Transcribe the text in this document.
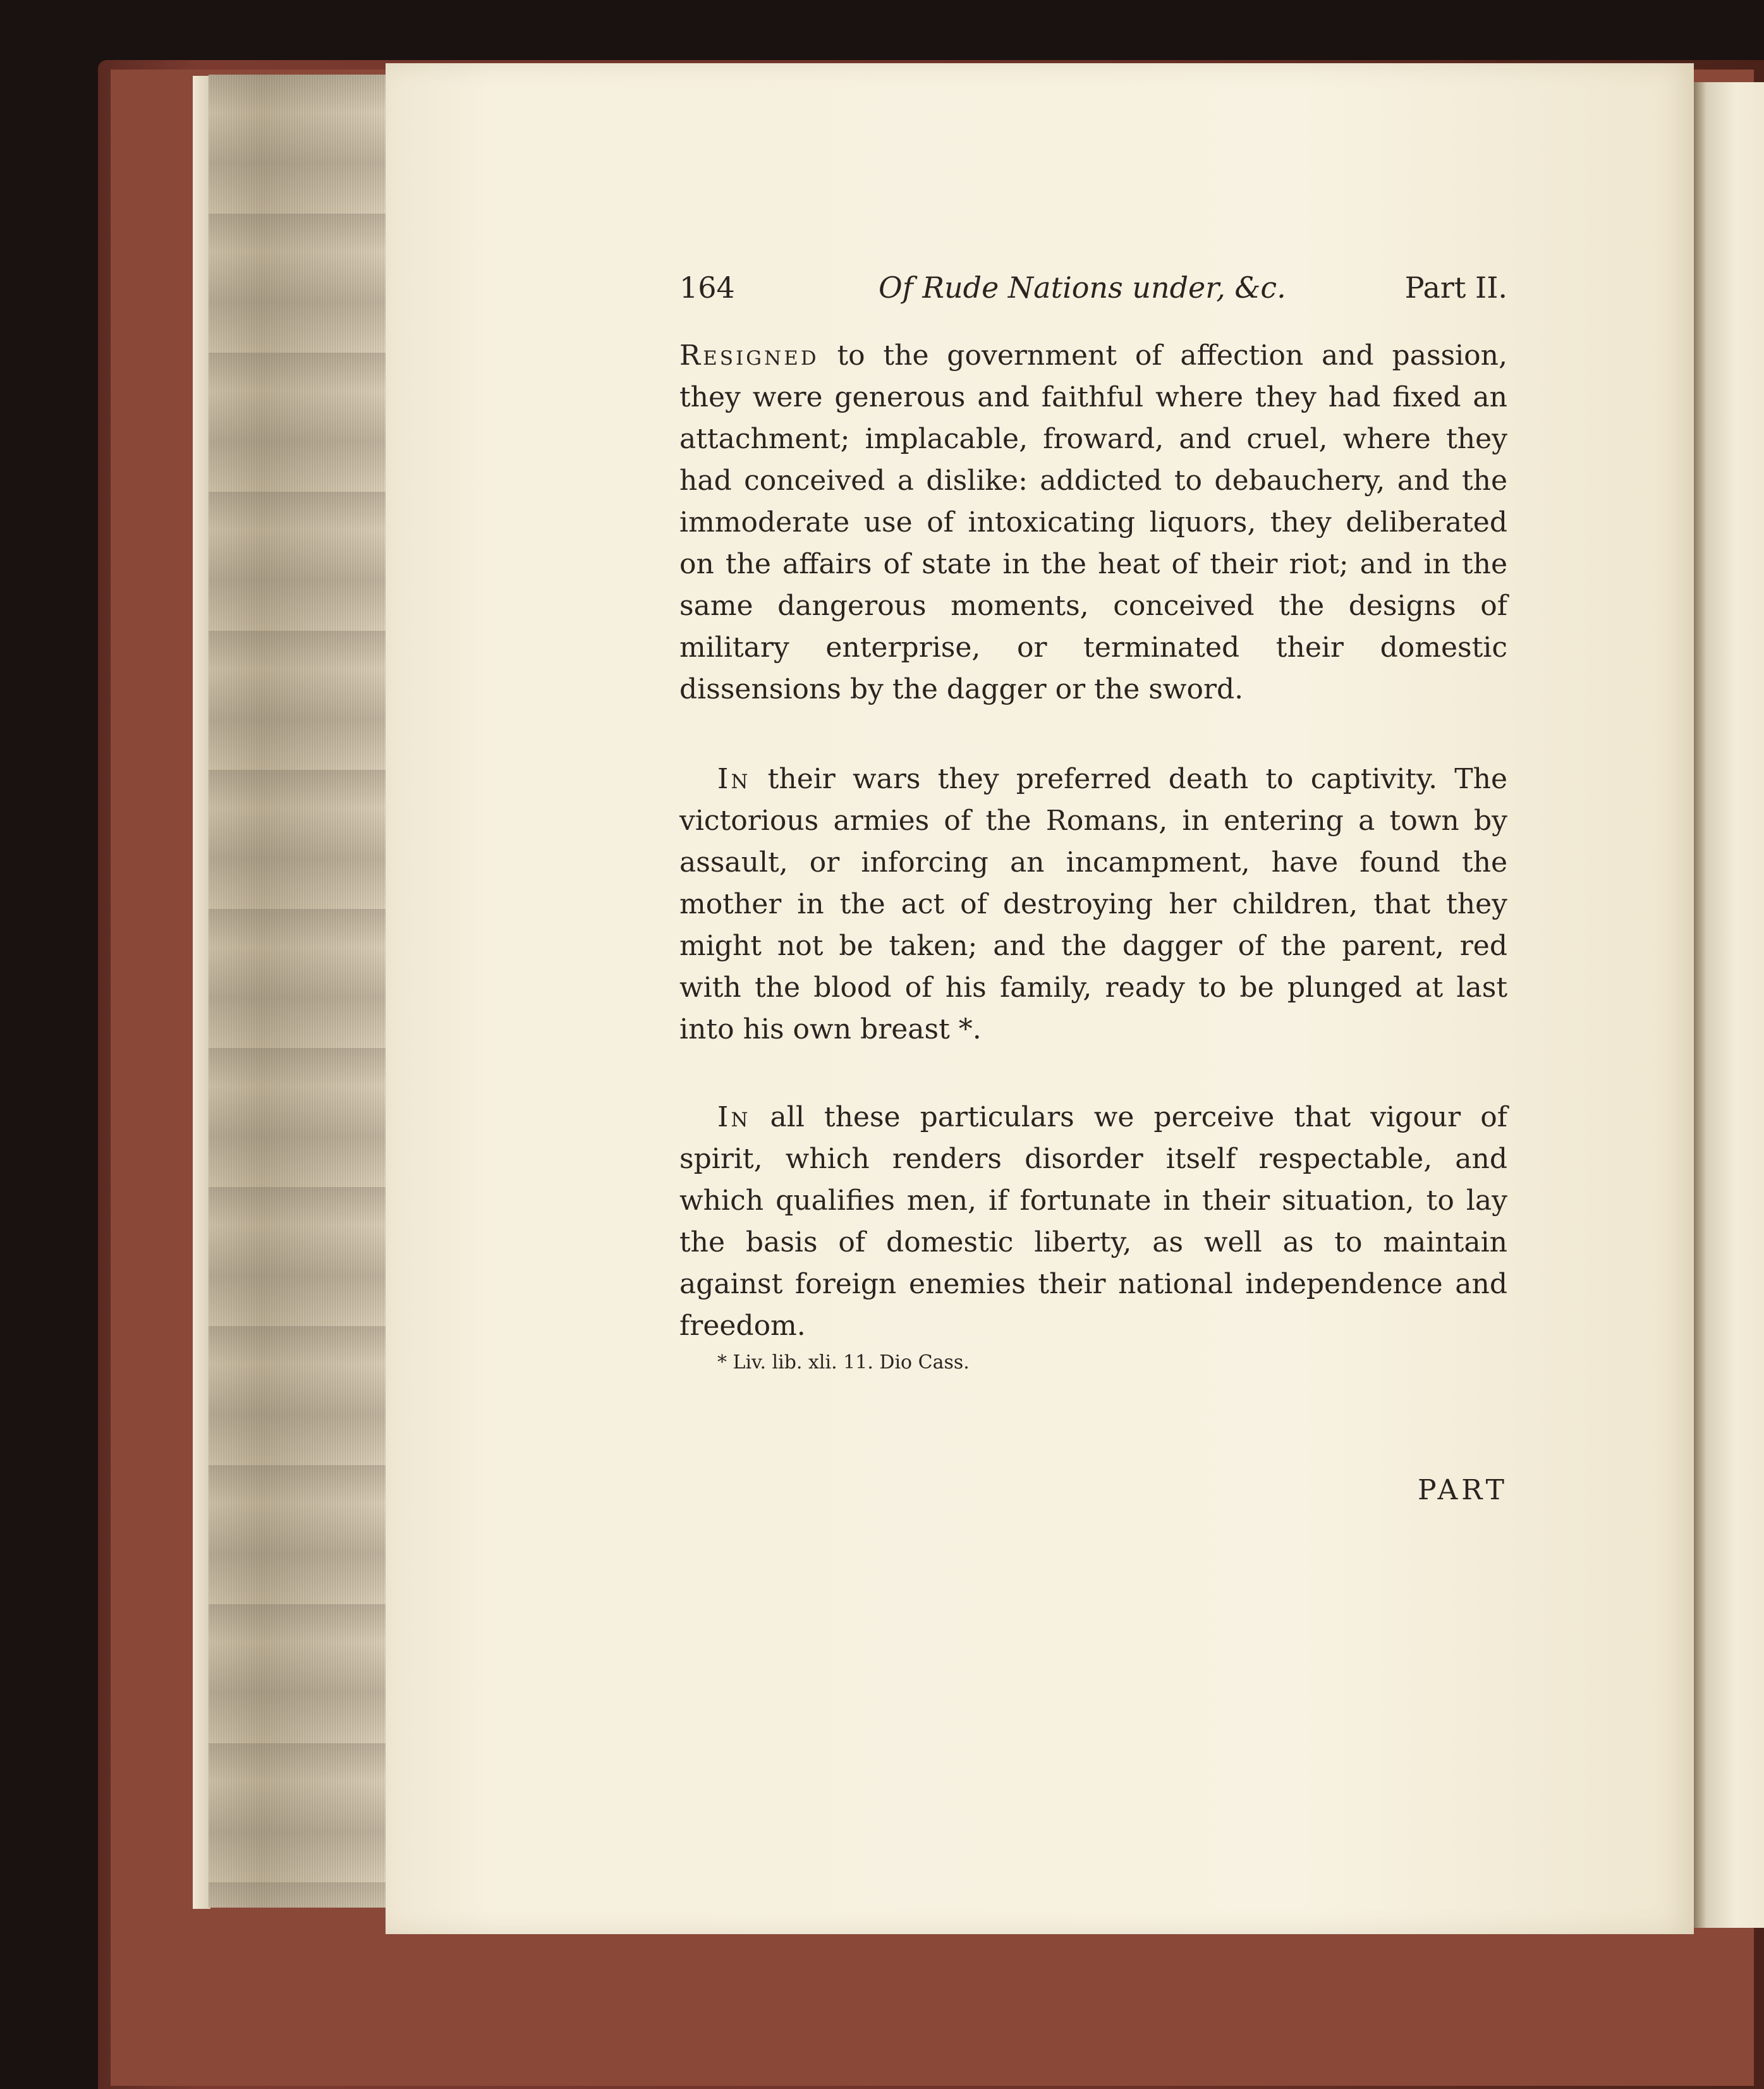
164	Of Rude Nations under, &c.	Part II.

Resigned to the government of affection and passion, they were generous and faithful where they had fixed an attachment; implacable, froward, and cruel, where they had conceived a dislike: addicted to debauchery, and the immoderate use of intoxicating liquors, they deliberated on the affairs of state in the heat of their riot; and in the same dangerous moments, conceived the designs of military enterprise, or terminated their domestic dissensions by the dagger or the sword.

In their wars they preferred death to captivity. The victorious armies of the Romans, in entering a town by assault, or inforcing an incampment, have found the mother in the act of destroying her children, that they might not be taken; and the dagger of the parent, red with the blood of his family, ready to be plunged at last into his own breast *.

In all these particulars we perceive that vigour of spirit, which renders disorder itself respectable, and which qualifies men, if fortunate in their situation, to lay the basis of domestic liberty, as well as to maintain against foreign enemies their national independence and freedom.

* Liv. lib. xli. 11. Dio Cass.
PART
